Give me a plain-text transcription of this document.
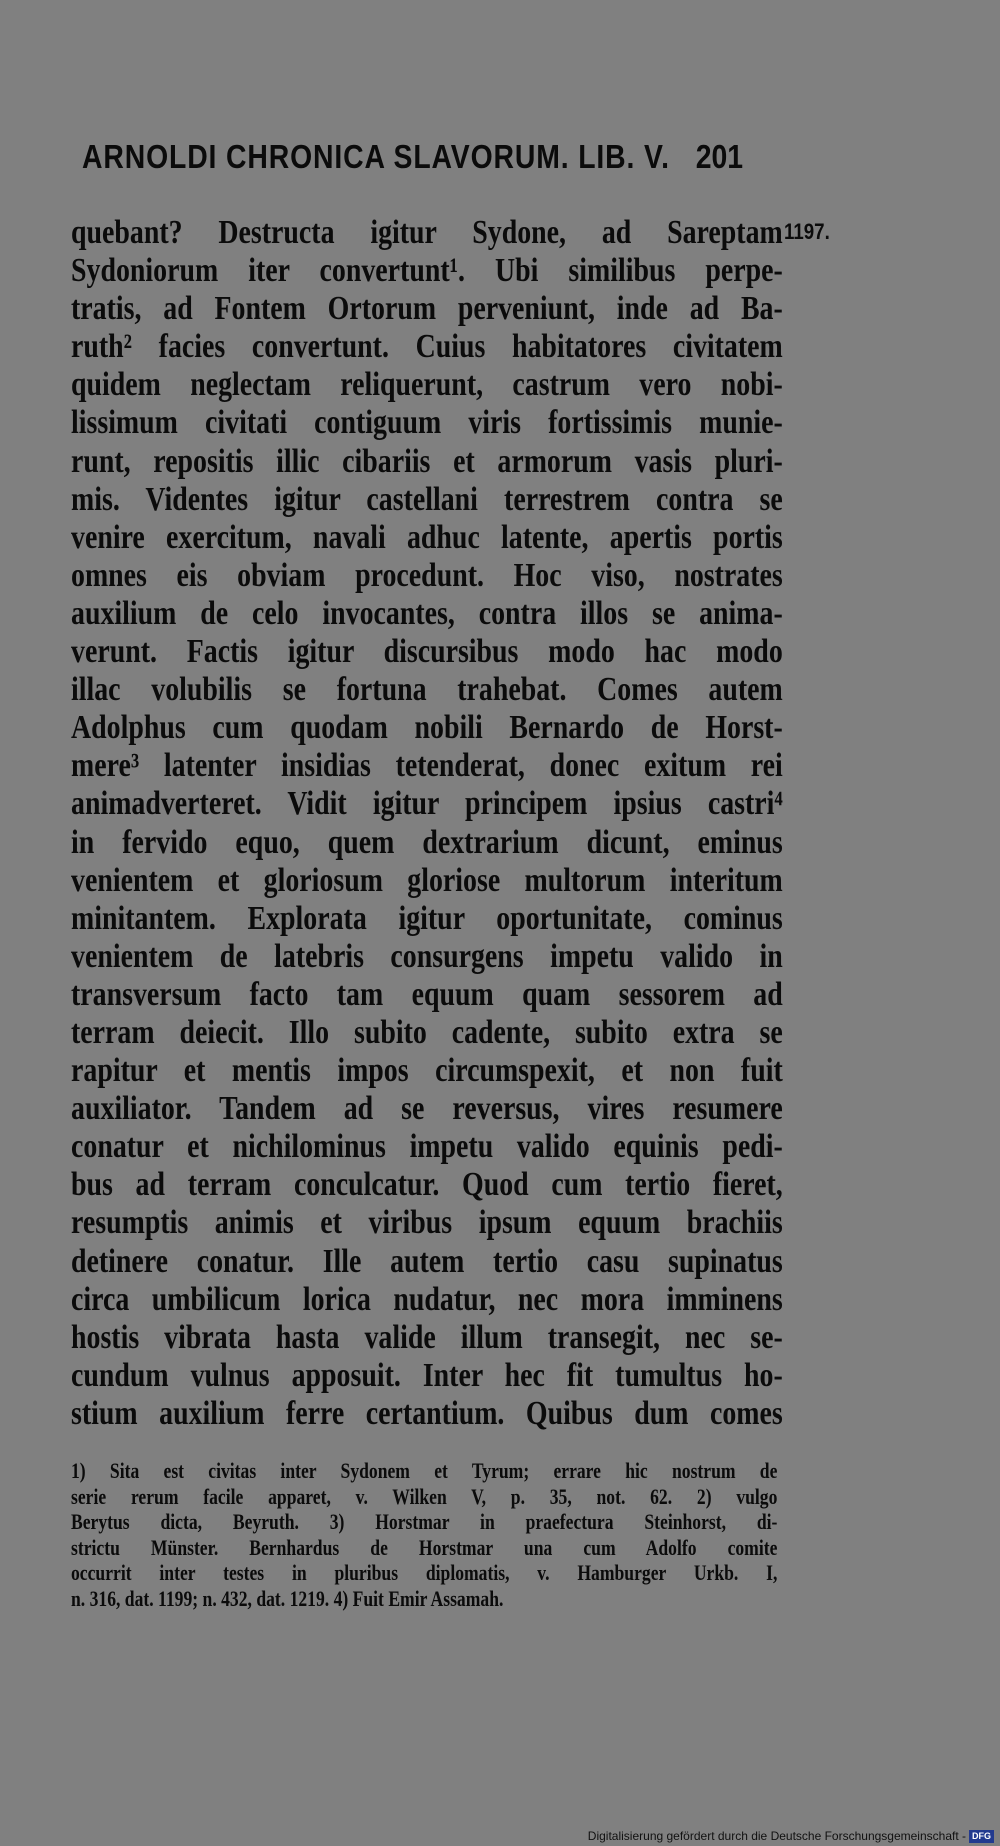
ARNOLDI CHRONICA SLAVORUM. LIB. V. 201
1197.
quebant? Destructa igitur Sydone, ad Sareptam
Sydoniorum iter convertunt¹. Ubi similibus perpe-
tratis, ad Fontem Ortorum perveniunt, inde ad Ba-
ruth² facies convertunt. Cuius habitatores civitatem
quidem neglectam reliquerunt, castrum vero nobi-
lissimum civitati contiguum viris fortissimis munie-
runt, repositis illic cibariis et armorum vasis pluri-
mis. Videntes igitur castellani terrestrem contra se
venire exercitum, navali adhuc latente, apertis portis
omnes eis obviam procedunt. Hoc viso, nostrates
auxilium de celo invocantes, contra illos se anima-
verunt. Factis igitur discursibus modo hac modo
illac volubilis se fortuna trahebat. Comes autem
Adolphus cum quodam nobili Bernardo de Horst-
mere³ latenter insidias tetenderat, donec exitum rei
animadverteret. Vidit igitur principem ipsius castri⁴
in fervido equo, quem dextrarium dicunt, eminus
venientem et gloriosum gloriose multorum interitum
minitantem. Explorata igitur oportunitate, cominus
venientem de latebris consurgens impetu valido in
transversum facto tam equum quam sessorem ad
terram deiecit. Illo subito cadente, subito extra se
rapitur et mentis impos circumspexit, et non fuit
auxiliator. Tandem ad se reversus, vires resumere
conatur et nichilominus impetu valido equinis pedi-
bus ad terram conculcatur. Quod cum tertio fieret,
resumptis animis et viribus ipsum equum brachiis
detinere conatur. Ille autem tertio casu supinatus
circa umbilicum lorica nudatur, nec mora imminens
hostis vibrata hasta valide illum transegit, nec se-
cundum vulnus apposuit. Inter hec fit tumultus ho-
stium auxilium ferre certantium. Quibus dum comes
1) Sita est civitas inter Sydonem et Tyrum; errare hic nostrum de
serie rerum facile apparet, v. Wilken V, p. 35, not. 62. 2) vulgo
Berytus dicta, Beyruth. 3) Horstmar in praefectura Steinhorst, di-
strictu Münster. Bernhardus de Horstmar una cum Adolfo comite
occurrit inter testes in pluribus diplomatis, v. Hamburger Urkb. I,
n. 316, dat. 1199; n. 432, dat. 1219. 4) Fuit Emir Assamah.
Digitalisierung gefördert durch die Deutsche Forschungsgemeinschaft - DFG
